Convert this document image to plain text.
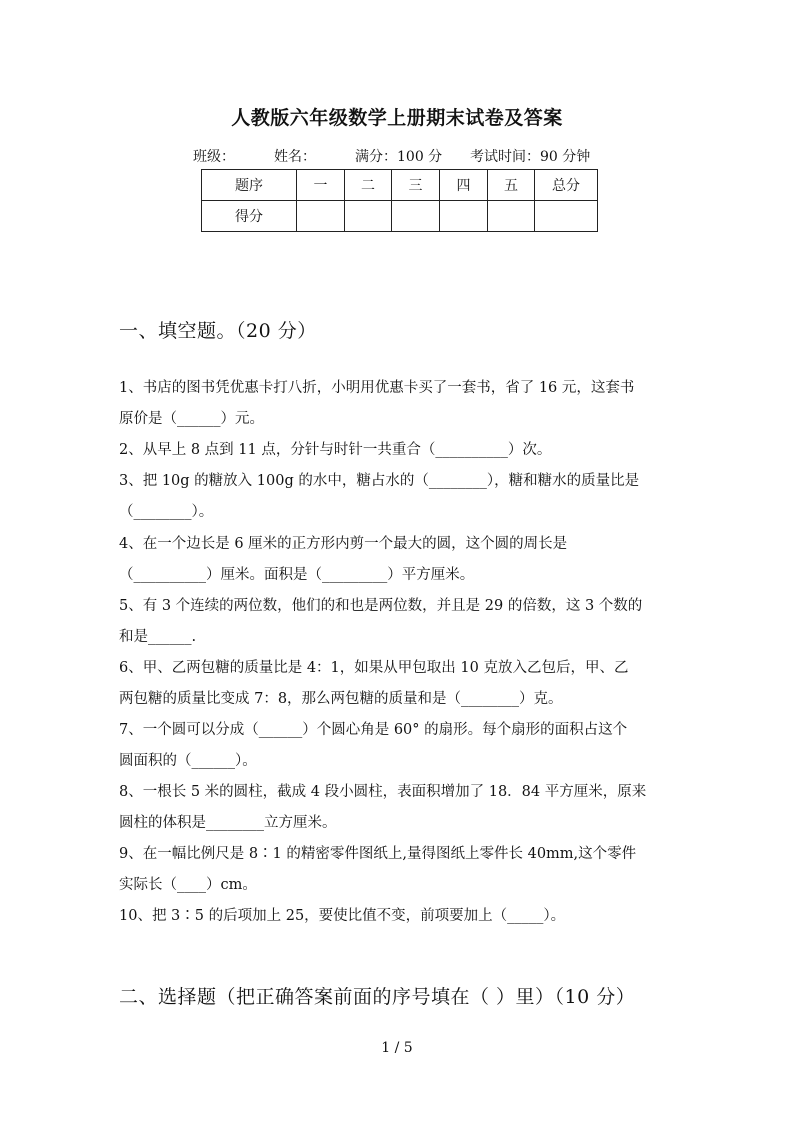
人教版六年级数学上册期末试卷及答案
班级：	姓名：	满分：100 分 考试时间：90 分钟
题序	一	二	三	四	五	总分
得分						
一、填空题。（20 分）
1、书店的图书凭优惠卡打八折，小明用优惠卡买了一套书，省了 16 元，这套书
原价是（______）元。
2、从早上 8 点到 11 点，分针与时针一共重合（__________）次。
3、把 10g 的糖放入 100g 的水中，糖占水的（________），糖和糖水的质量比是
（________）。
4、在一个边长是 6 厘米的正方形内剪一个最大的圆，这个圆的周长是
（__________）厘米。面积是（_________）平方厘米。
5、有 3 个连续的两位数，他们的和也是两位数，并且是 29 的倍数，这 3 个数的
和是______.
6、甲、乙两包糖的质量比是 4：1，如果从甲包取出 10 克放入乙包后，甲、乙
两包糖的质量比变成 7：8，那么两包糖的质量和是（________）克。
7、一个圆可以分成（______）个圆心角是 60° 的扇形。每个扇形的面积占这个
圆面积的（______）。
8、一根长 5 米的圆柱，截成 4 段小圆柱，表面积增加了 18．84 平方厘米，原来
圆柱的体积是________立方厘米。
9、在一幅比例尺是 8∶1 的精密零件图纸上,量得图纸上零件长 40mm,这个零件
实际长（____）cm。
10、把 3∶5 的后项加上 25，要使比值不变，前项要加上（_____）。
二、选择题（把正确答案前面的序号填在（ ）里）（10 分）
1 / 5
